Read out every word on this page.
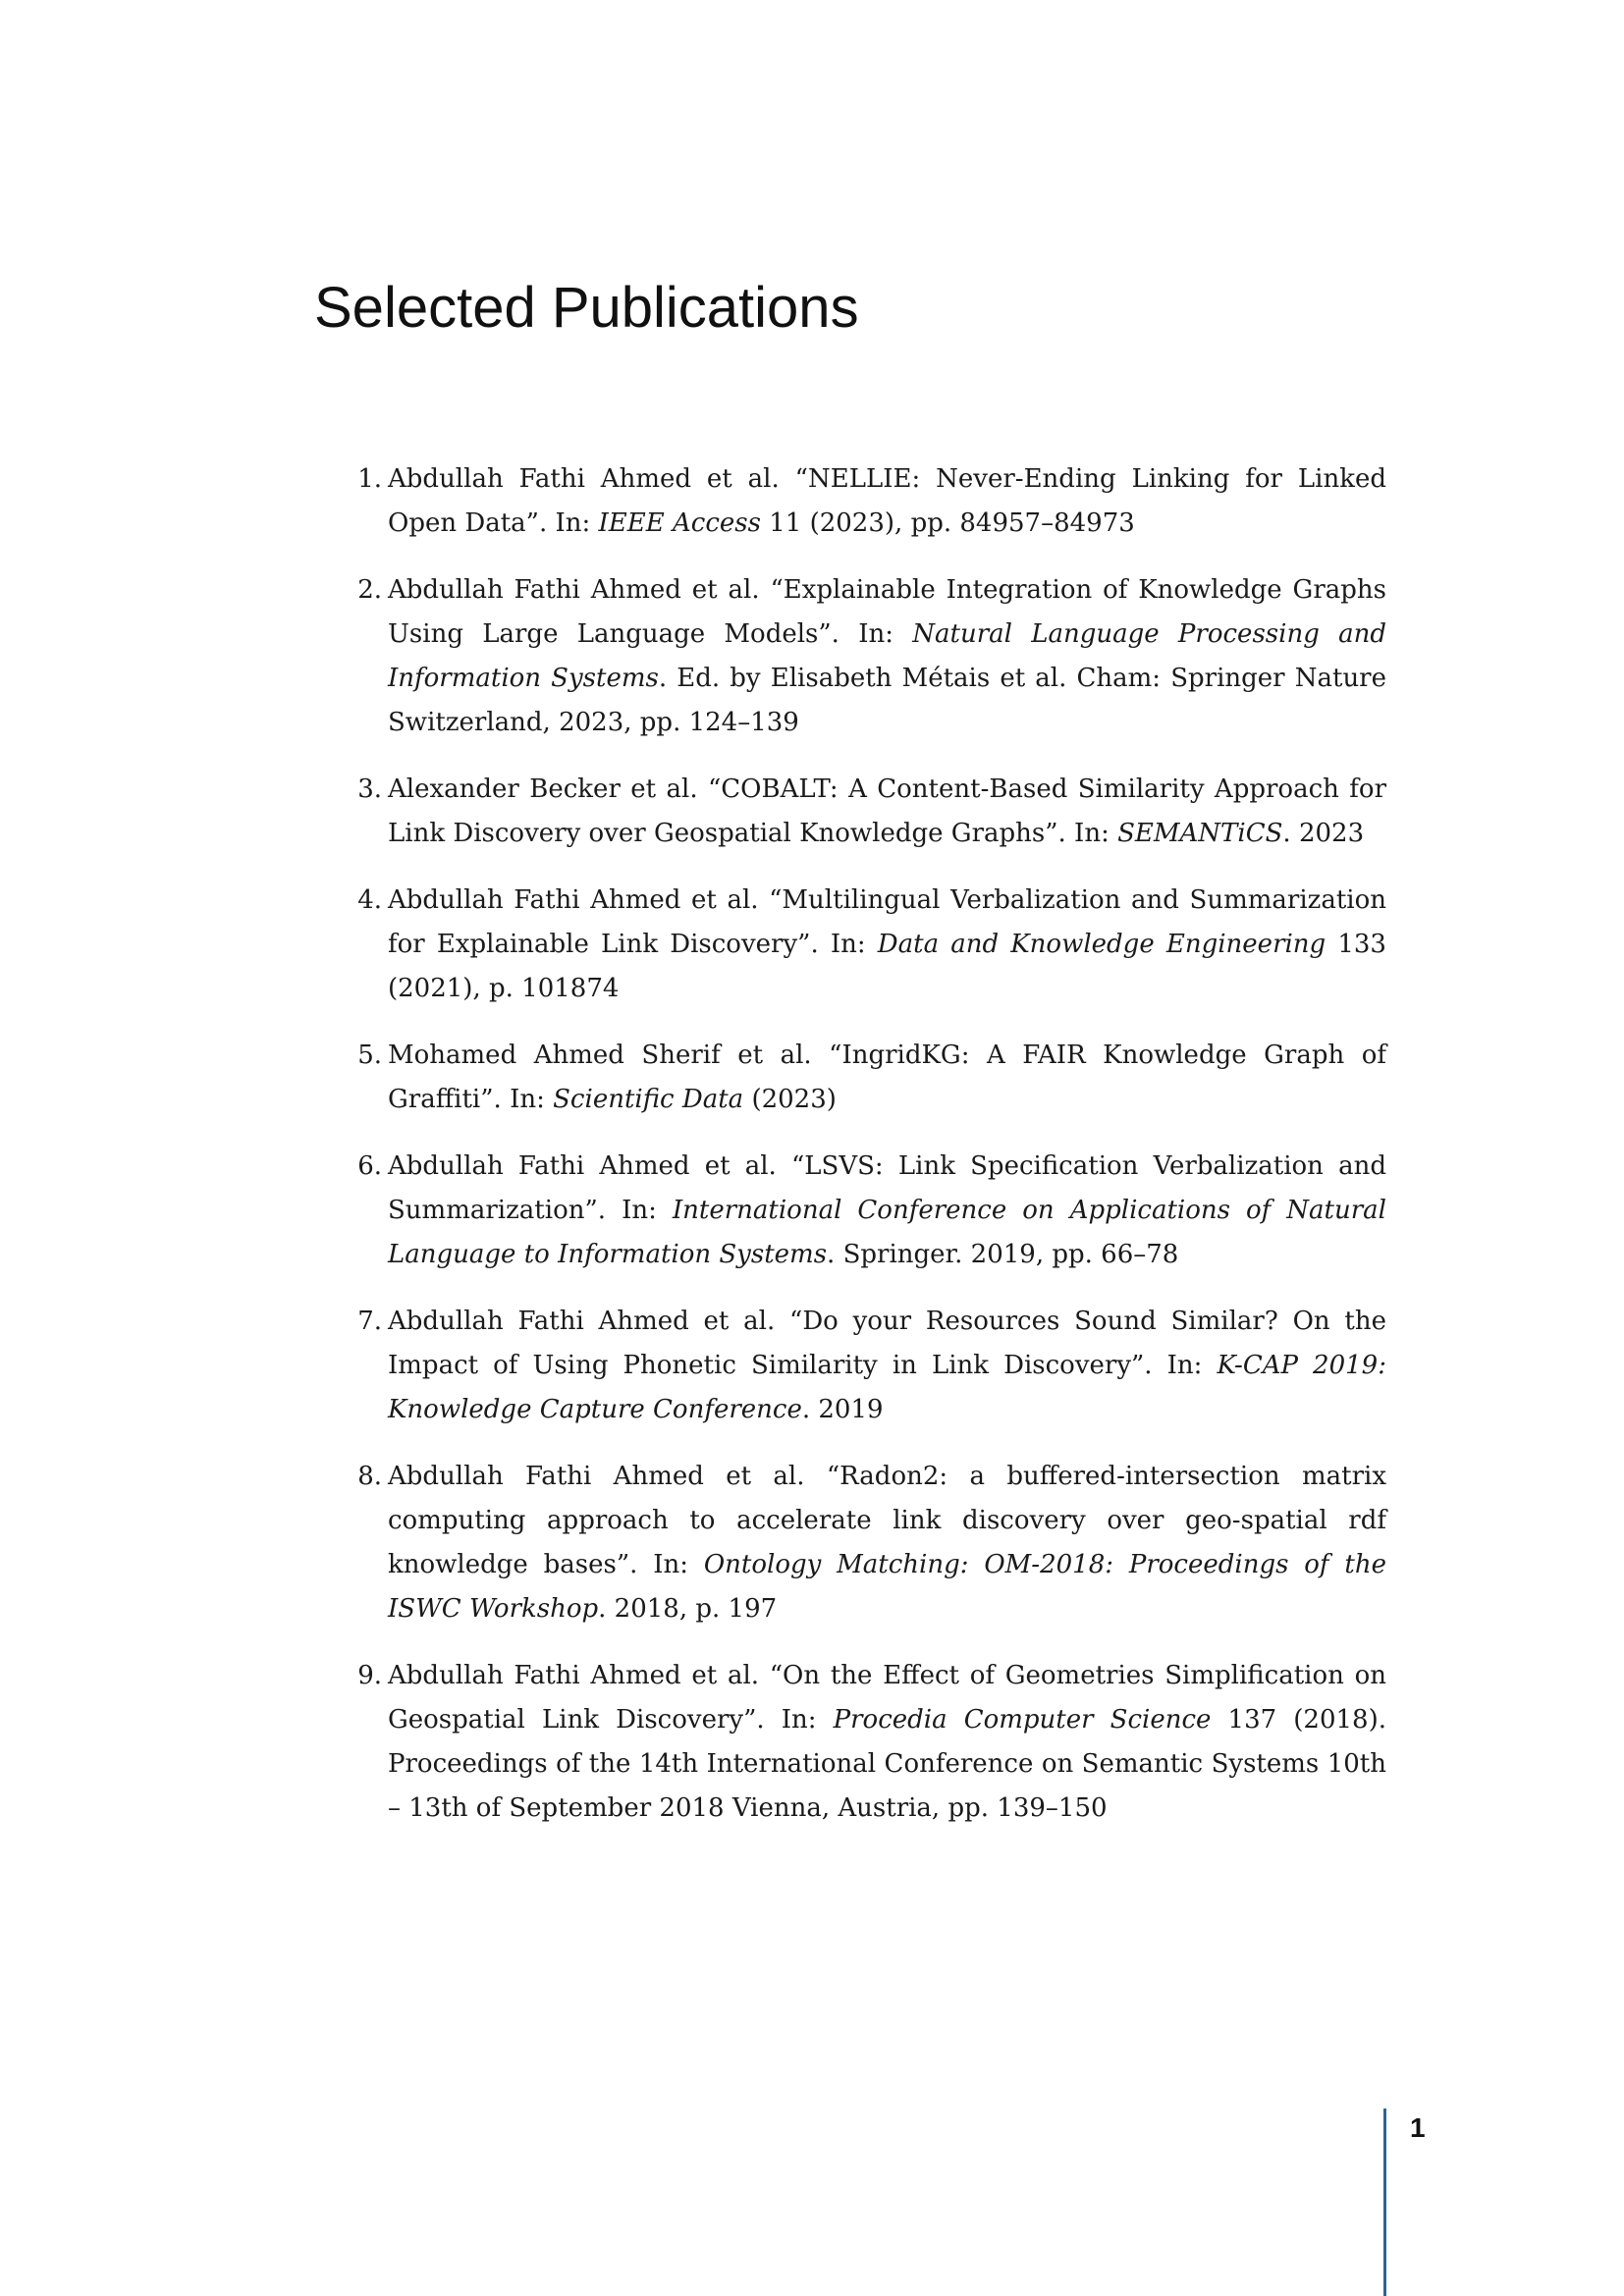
Selected Publications
1. Abdullah Fathi Ahmed et al. “NELLIE: Never-Ending Linking for Linked Open Data”. In: IEEE Access 11 (2023), pp. 84957–84973
2. Abdullah Fathi Ahmed et al. “Explainable Integration of Knowledge Graphs Using Large Language Models”. In: Natural Language Processing and Information Systems. Ed. by Elisabeth Métais et al. Cham: Springer Nature Switzerland, 2023, pp. 124–139
3. Alexander Becker et al. “COBALT: A Content-Based Similarity Approach for Link Discovery over Geospatial Knowledge Graphs”. In: SEMANTiCS. 2023
4. Abdullah Fathi Ahmed et al. “Multilingual Verbalization and Summarization for Explainable Link Discovery”. In: Data and Knowledge Engineering 133 (2021), p. 101874
5. Mohamed Ahmed Sherif et al. “IngridKG: A FAIR Knowledge Graph of Graffiti”. In: Scientific Data (2023)
6. Abdullah Fathi Ahmed et al. “LSVS: Link Specification Verbalization and Summarization”. In: International Conference on Applications of Natural Language to Information Systems. Springer. 2019, pp. 66–78
7. Abdullah Fathi Ahmed et al. “Do your Resources Sound Similar? On the Impact of Using Phonetic Similarity in Link Discovery”. In: K-CAP 2019: Knowledge Capture Conference. 2019
8. Abdullah Fathi Ahmed et al. “Radon2: a buffered-intersection matrix computing approach to accelerate link discovery over geo-spatial rdf knowledge bases”. In: Ontology Matching: OM-2018: Proceedings of the ISWC Workshop. 2018, p. 197
9. Abdullah Fathi Ahmed et al. “On the Effect of Geometries Simplification on Geospatial Link Discovery”. In: Procedia Computer Science 137 (2018). Proceedings of the 14th International Conference on Semantic Systems 10th – 13th of September 2018 Vienna, Austria, pp. 139–150
1
